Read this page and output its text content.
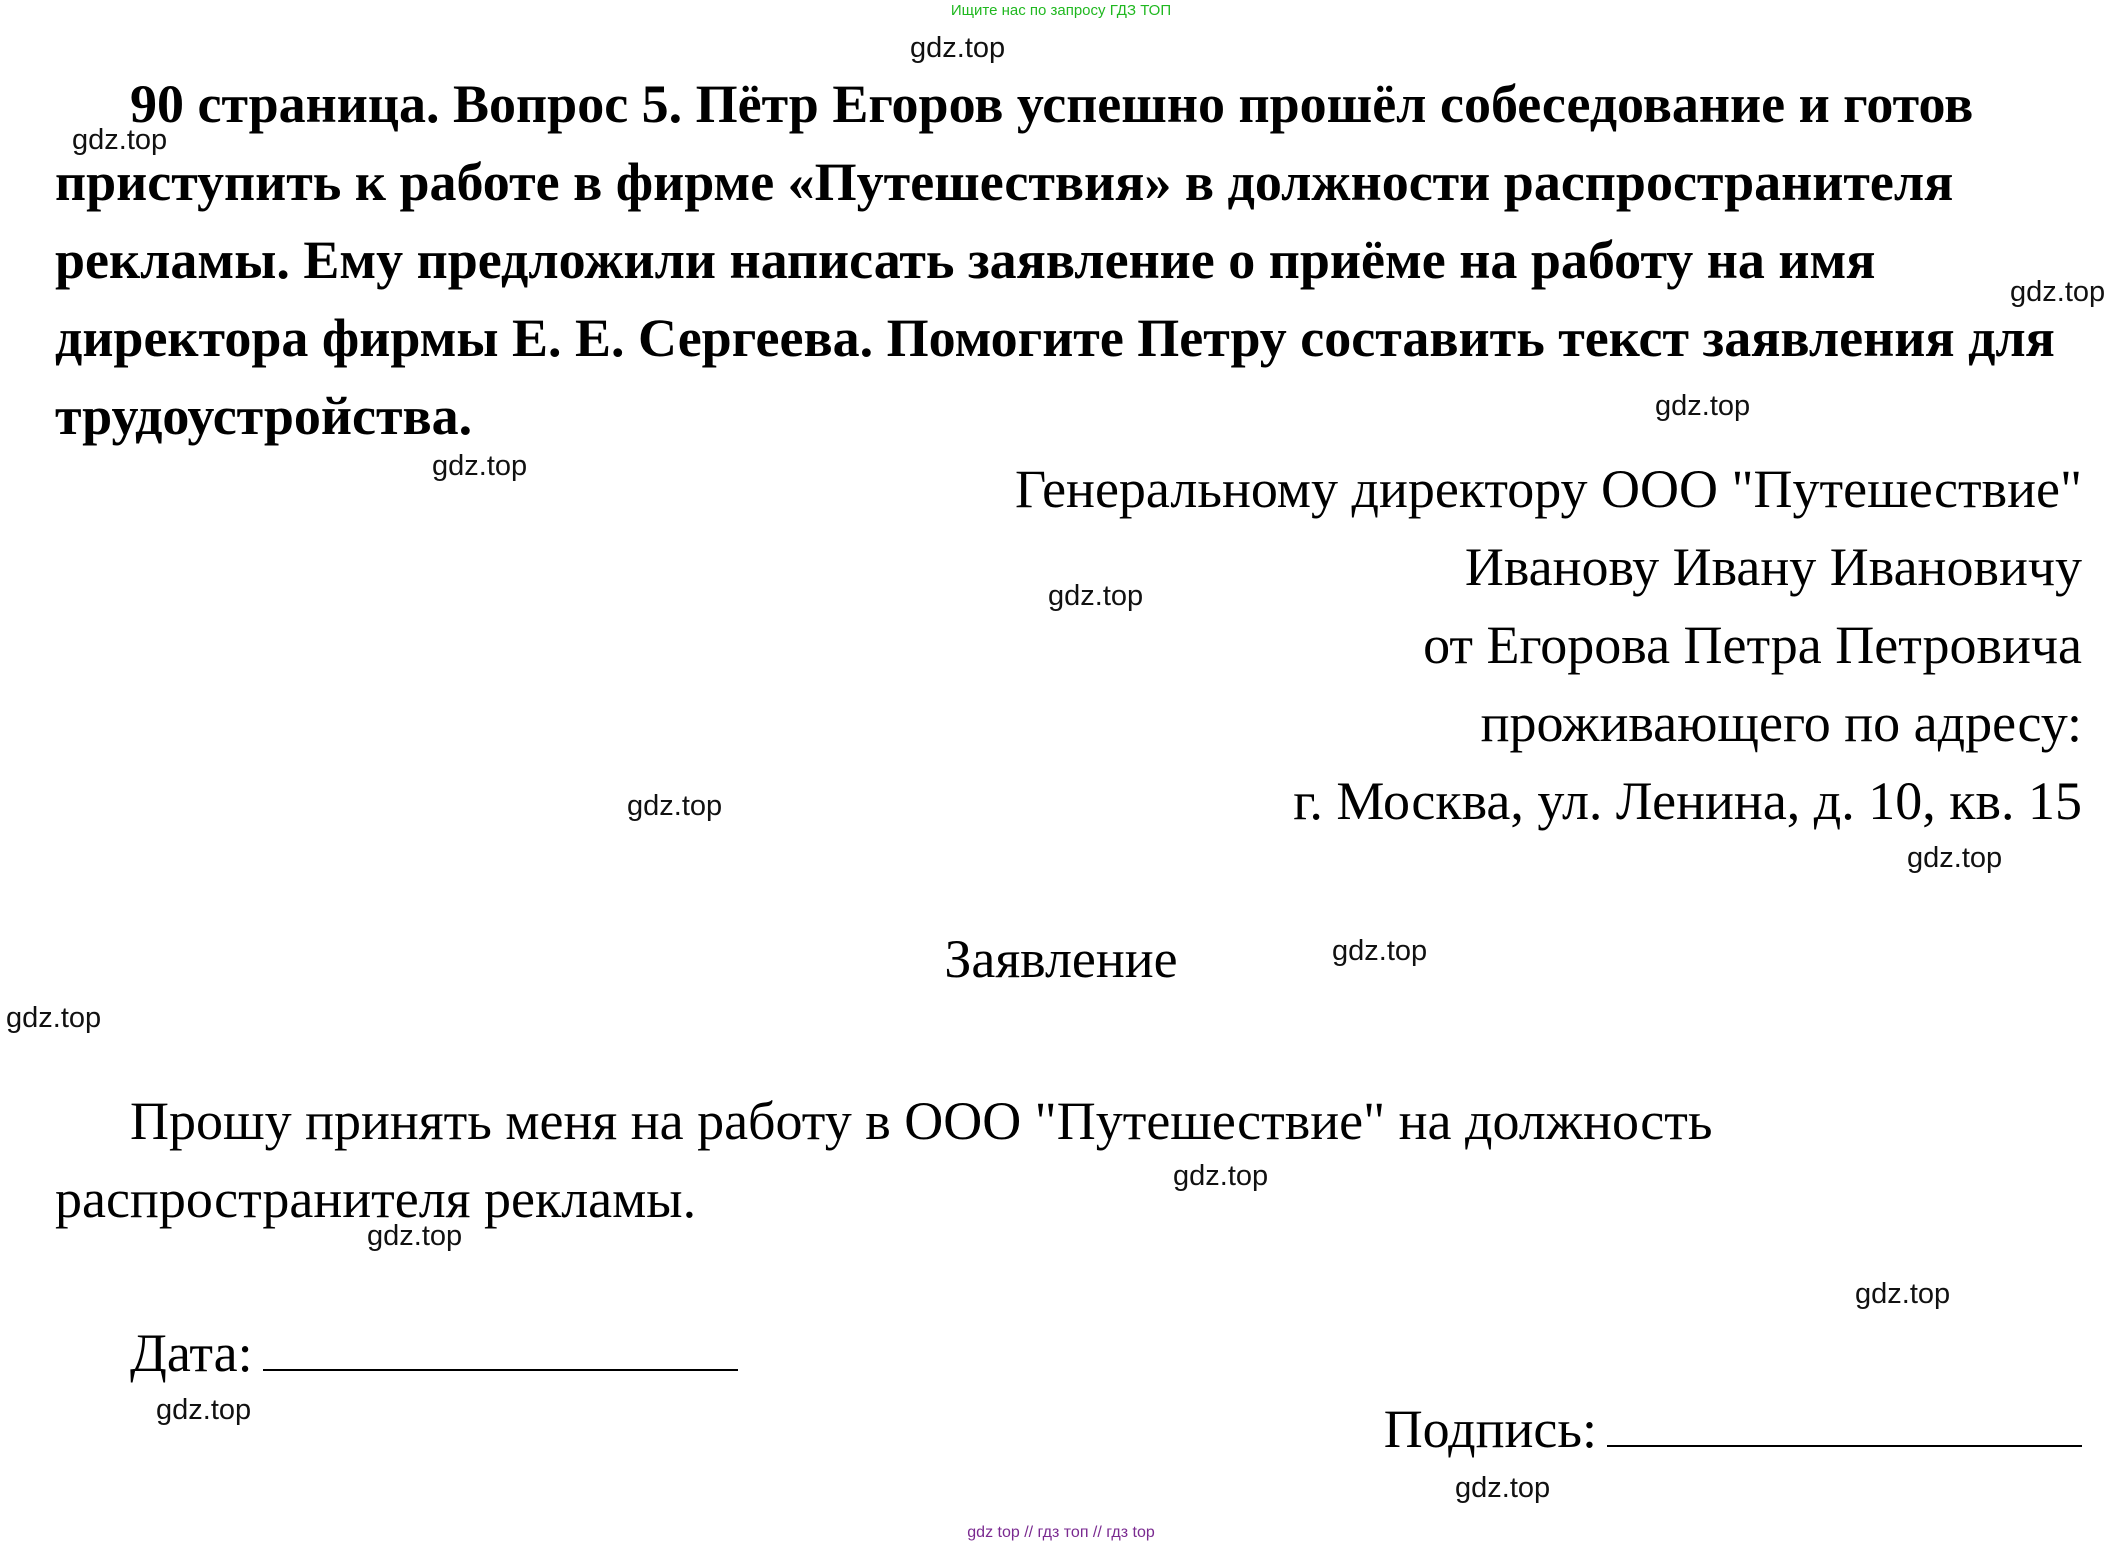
Ищите нас по запросу ГДЗ ТОП

90 страница. Вопрос 5. Пётр Егоров успешно прошёл собеседование и готов приступить к работе в фирме «Путешествия» в должности распространителя рекламы. Ему предложили написать заявление о приёме на работу на имя директора фирмы Е. Е. Сергеева. Помогите Петру составить текст заявления для трудоустройства.

Генеральному директору ООО "Путешествие"
Иванову Ивану Ивановичу
от Егорова Петра Петровича
проживающего по адресу:
г. Москва, ул. Ленина, д. 10, кв. 15
Заявление

Прошу принять меня на работу в ООО "Путешествие" на должность распространителя рекламы.

Дата:
Подпись:
gdz.top
gdz.top
gdz.top
gdz.top
gdz.top
gdz.top
gdz.top
gdz.top
gdz.top
gdz.top
gdz.top
gdz.top
gdz.top
gdz.top
gdz.top
gdz top // гдз топ // гдз top
